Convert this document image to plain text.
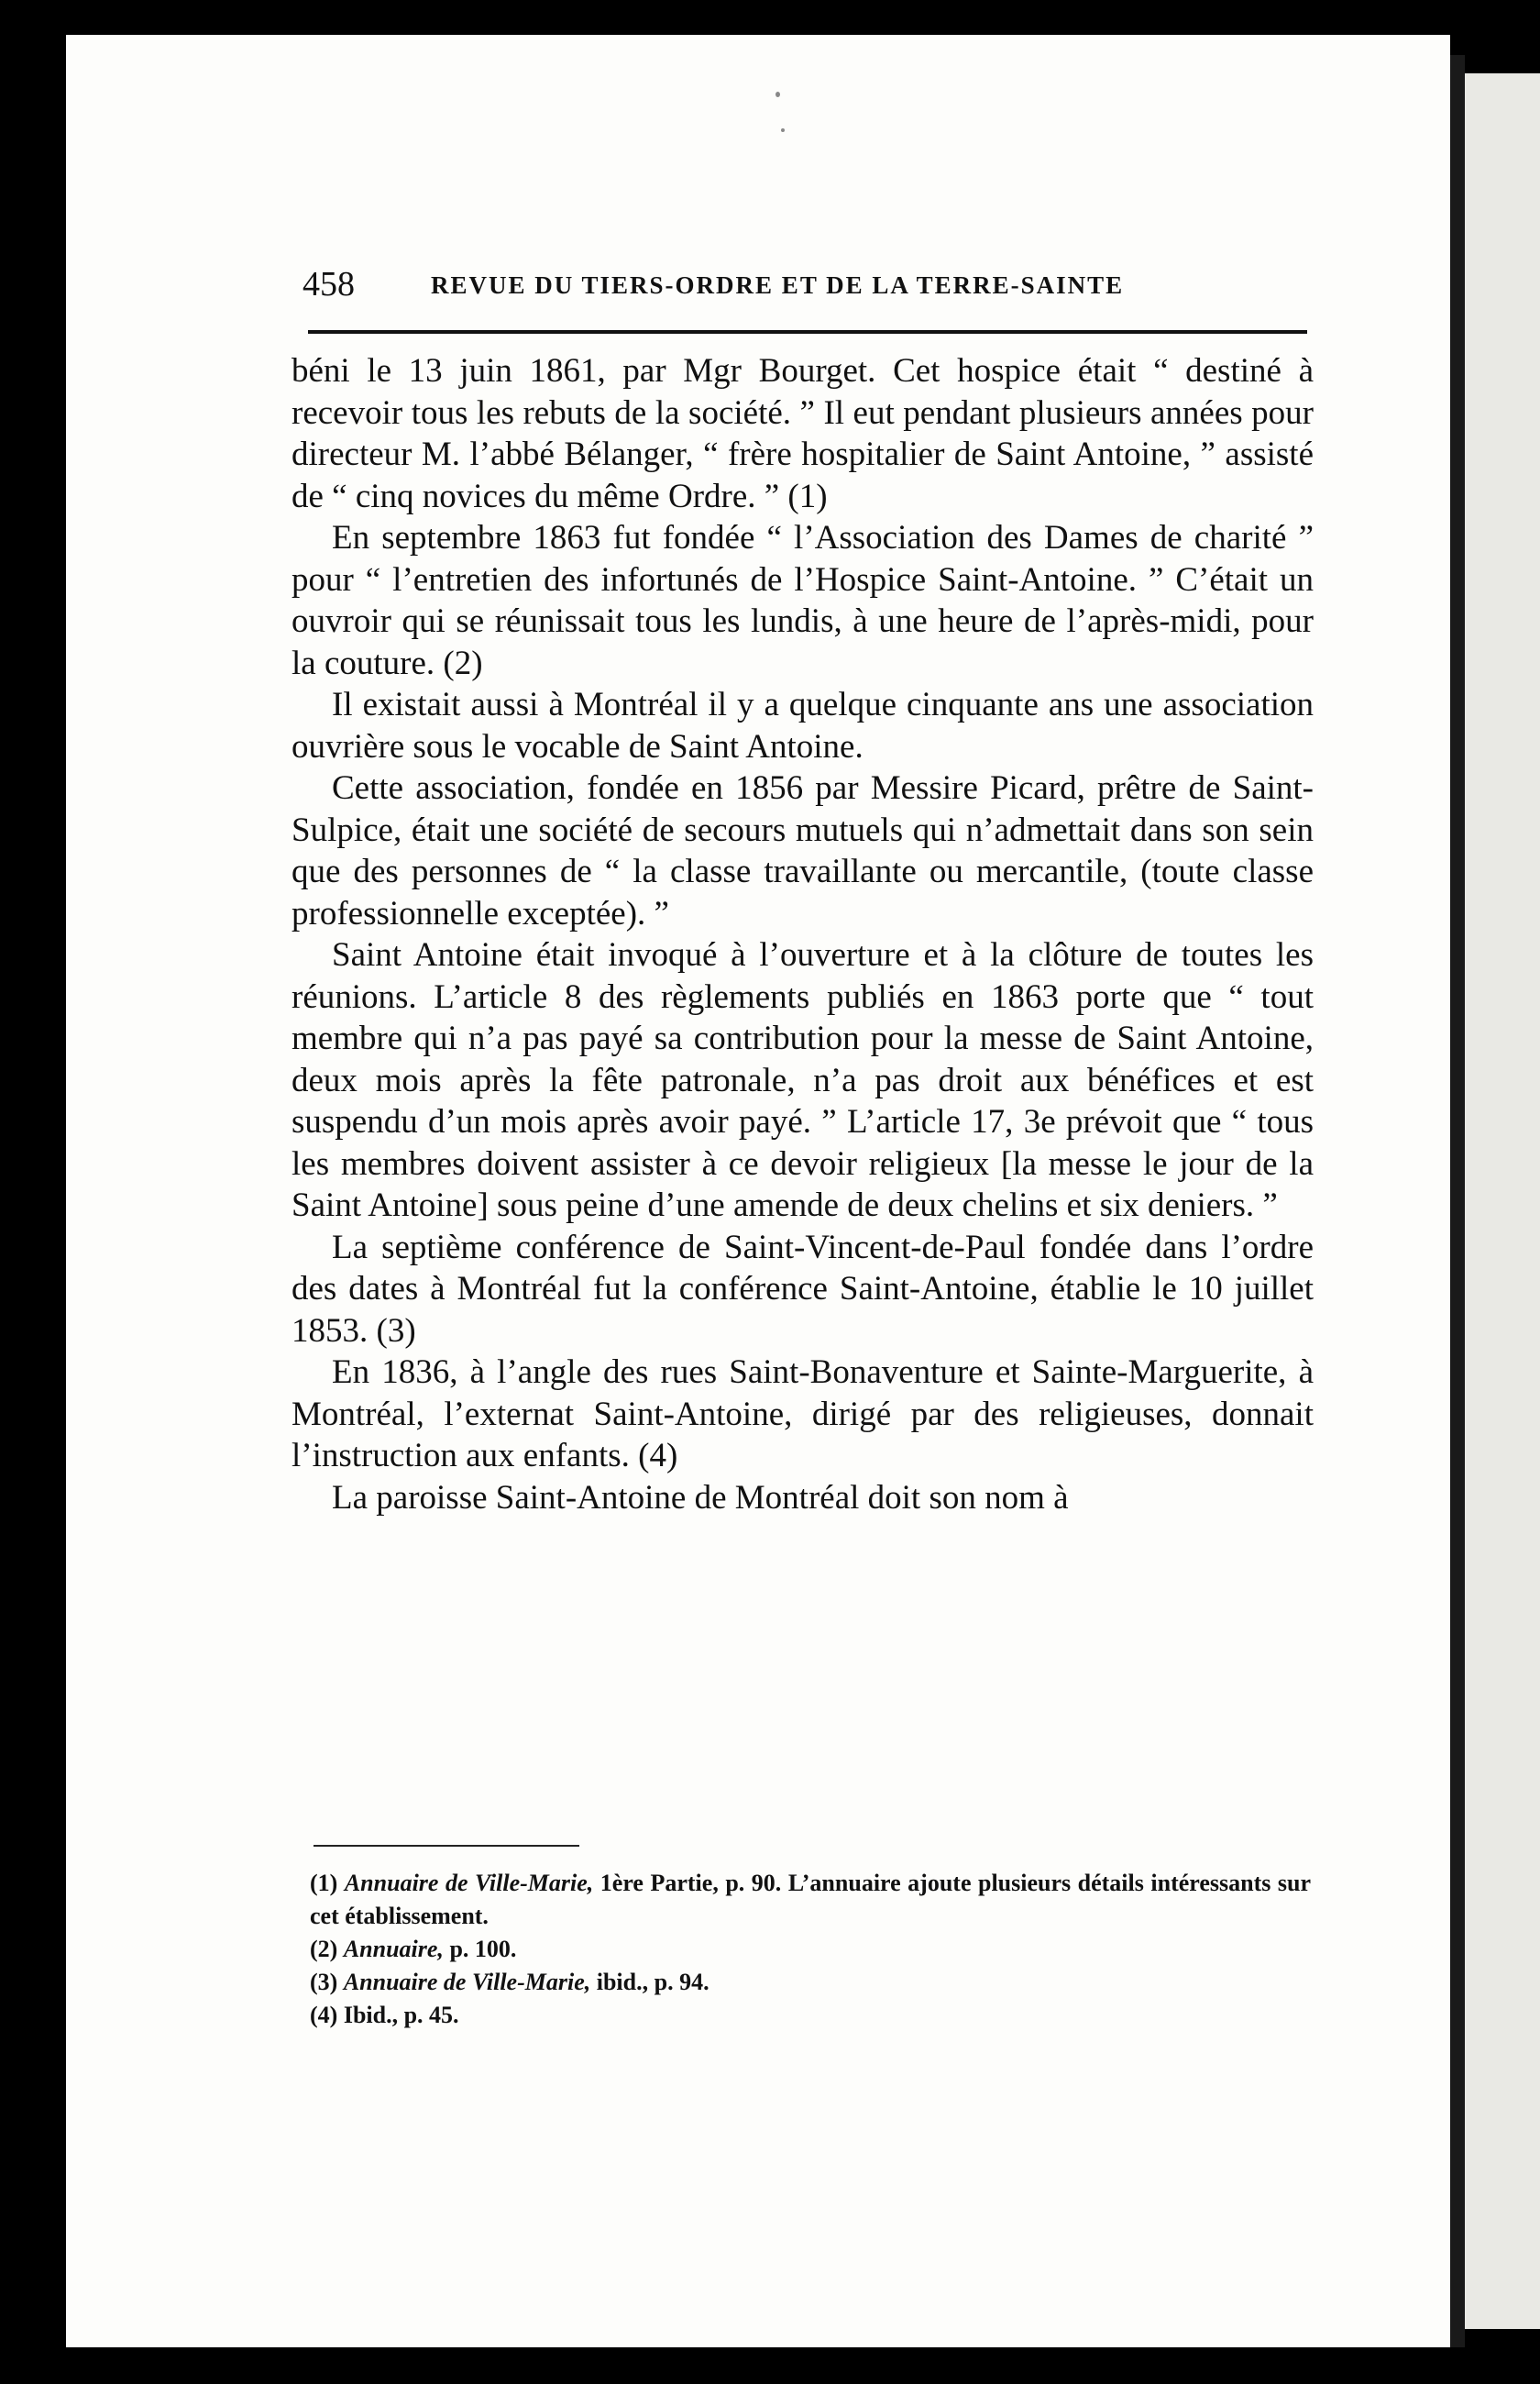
458	REVUE DU TIERS-ORDRE ET DE LA TERRE-SAINTE

béni le 13 juin 1861, par Mgr Bourget. Cet hospice était “ destiné à recevoir tous les rebuts de la société. ” Il eut pendant plusieurs années pour directeur M. l’abbé Bélanger, “ frère hospitalier de Saint Antoine, ” assisté de “ cinq novices du même Ordre. ” (1)

En septembre 1863 fut fondée “ l’Association des Dames de charité ” pour “ l’entretien des infortunés de l’Hospice Saint-Antoine. ” C’était un ouvroir qui se réunissait tous les lundis, à une heure de l’après-midi, pour la couture. (2)

Il existait aussi à Montréal il y a quelque cinquante ans une association ouvrière sous le vocable de Saint Antoine.

Cette association, fondée en 1856 par Messire Picard, prêtre de Saint-Sulpice, était une société de secours mutuels qui n’admettait dans son sein que des personnes de “ la classe travaillante ou mercantile, (toute classe professionnelle exceptée). ”

Saint Antoine était invoqué à l’ouverture et à la clôture de toutes les réunions. L’article 8 des règlements publiés en 1863 porte que “ tout membre qui n’a pas payé sa contribution pour la messe de Saint Antoine, deux mois après la fête patronale, n’a pas droit aux bénéfices et est suspendu d’un mois après avoir payé. ” L’article 17, 3e prévoit que “ tous les membres doivent assister à ce devoir religieux [la messe le jour de la Saint Antoine] sous peine d’une amende de deux chelins et six deniers. ”

La septième conférence de Saint-Vincent-de-Paul fondée dans l’ordre des dates à Montréal fut la conférence Saint-Antoine, établie le 10 juillet 1853. (3)

En 1836, à l’angle des rues Saint-Bonaventure et Sainte-Marguerite, à Montréal, l’externat Saint-Antoine, dirigé par des religieuses, donnait l’instruction aux enfants. (4)

La paroisse Saint-Antoine de Montréal doit son nom à

(1) Annuaire de Ville-Marie, 1ère Partie, p. 90. L’annuaire ajoute plusieurs détails intéressants sur cet établissement.

(2) Annuaire, p. 100.

(3) Annuaire de Ville-Marie, ibid., p. 94.

(4) Ibid., p. 45.
